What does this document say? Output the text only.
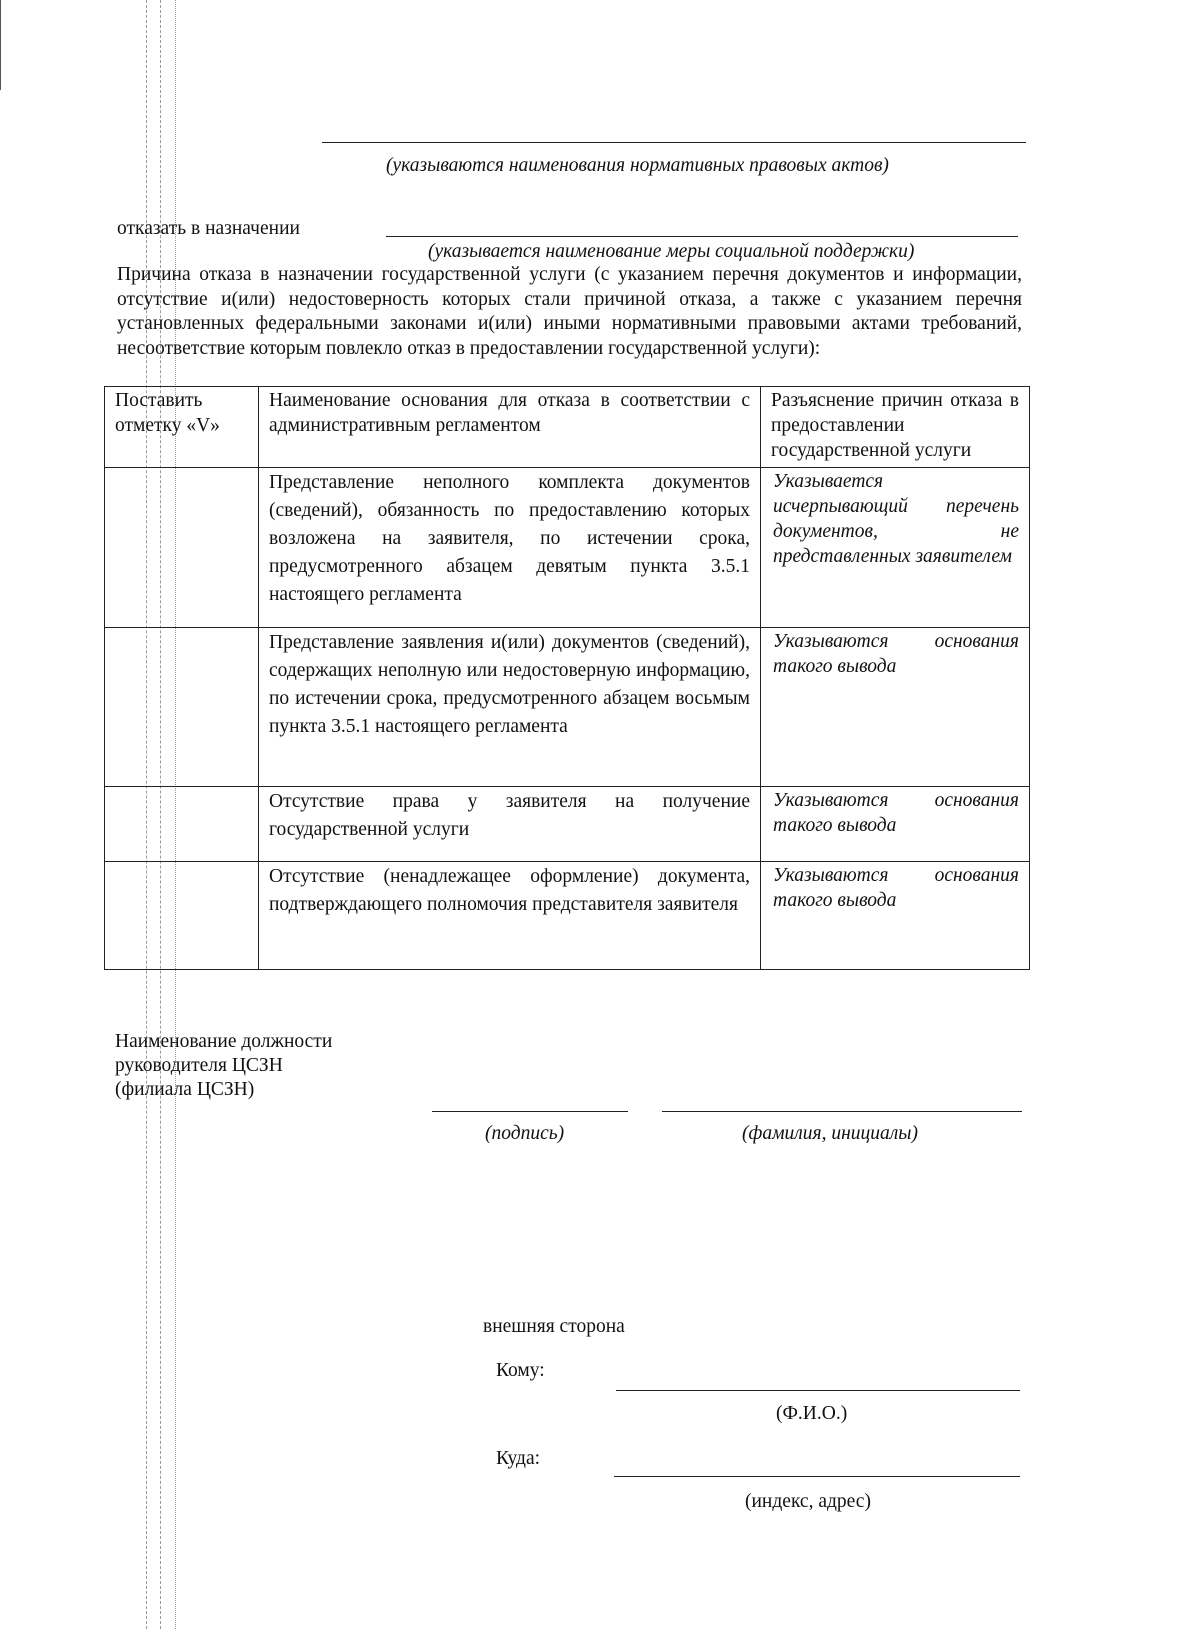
(указываются наименования нормативных правовых актов)
отказать в назначении
(указывается наименование меры социальной поддержки)
Причина отказа в назначении государственной услуги (с указанием перечня документов и информации, отсутствие и(или) недостоверность которых стали причиной отказа, а также с указанием перечня установленных федеральными законами и(или) иными нормативными правовыми актами требований, несоответствие которым повлекло отказ в предоставлении государственной услуги):
Поставить отметку «V»	Наименование основания для отказа в соответствии с административным регламентом	Разъяснение причин отказа в предоставлении государственной услуги
	Представление неполного комплекта документов (сведений), обязанность по предоставлению которых возложена на заявителя, по истечении срока, предусмотренного абзацем девятым пункта 3.5.1 настоящего регламента	Указывается исчерпывающий перечень документов, не представленных заявителем
	Представление заявления и(или) документов (сведений), содержащих неполную или недостоверную информацию, по истечении срока, предусмотренного абзацем восьмым пункта 3.5.1 настоящего регламента	Указываются основания такого вывода
	Отсутствие права у заявителя на получение государственной услуги	Указываются основания такого вывода
	Отсутствие (ненадлежащее оформление) документа, подтверждающего полномочия представителя заявителя	Указываются основания такого вывода
Наименование должности
руководителя ЦСЗН
(филиала ЦСЗН)
(подпись)	(фамилия, инициалы)
внешняя сторона
Кому:
(Ф.И.О.)
Куда:
(индекс, адрес)
